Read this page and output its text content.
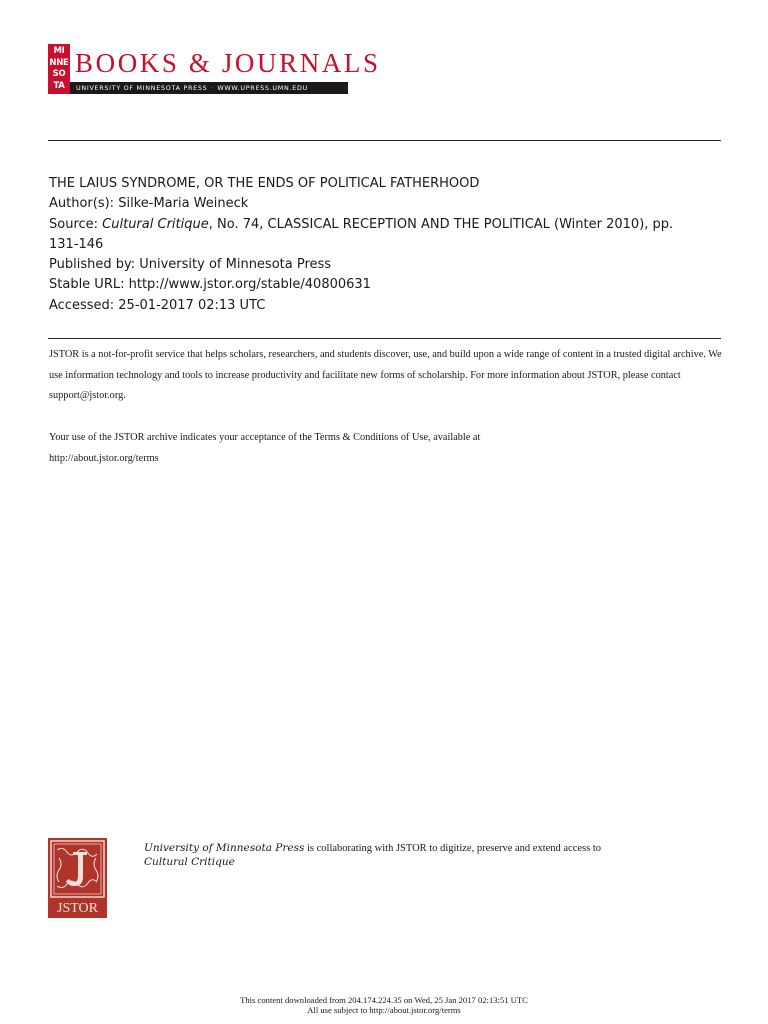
MI
NNE
SO
TA
BOOKS & JOURNALS
UNIVERSITY OF MINNESOTA PRESS • WWW.UPRESS.UMN.EDU
THE LAIUS SYNDROME, OR THE ENDS OF POLITICAL FATHERHOOD
Author(s): Silke-Maria Weineck
Source: Cultural Critique, No. 74, CLASSICAL RECEPTION AND THE POLITICAL (Winter 2010), pp. 131-146
Published by: University of Minnesota Press
Stable URL: http://www.jstor.org/stable/40800631
Accessed: 25-01-2017 02:13 UTC
JSTOR is a not-for-profit service that helps scholars, researchers, and students discover, use, and build upon a wide range of content in a trusted digital archive. We use information technology and tools to increase productivity and facilitate new forms of scholarship. For more information about JSTOR, please contact support@jstor.org.
Your use of the JSTOR archive indicates your acceptance of the Terms & Conditions of Use, available at
http://about.jstor.org/terms
JSTOR
University of Minnesota Press is collaborating with JSTOR to digitize, preserve and extend access to
Cultural Critique
This content downloaded from 204.174.224.35 on Wed, 25 Jan 2017 02:13:51 UTC
All use subject to http://about.jstor.org/terms
